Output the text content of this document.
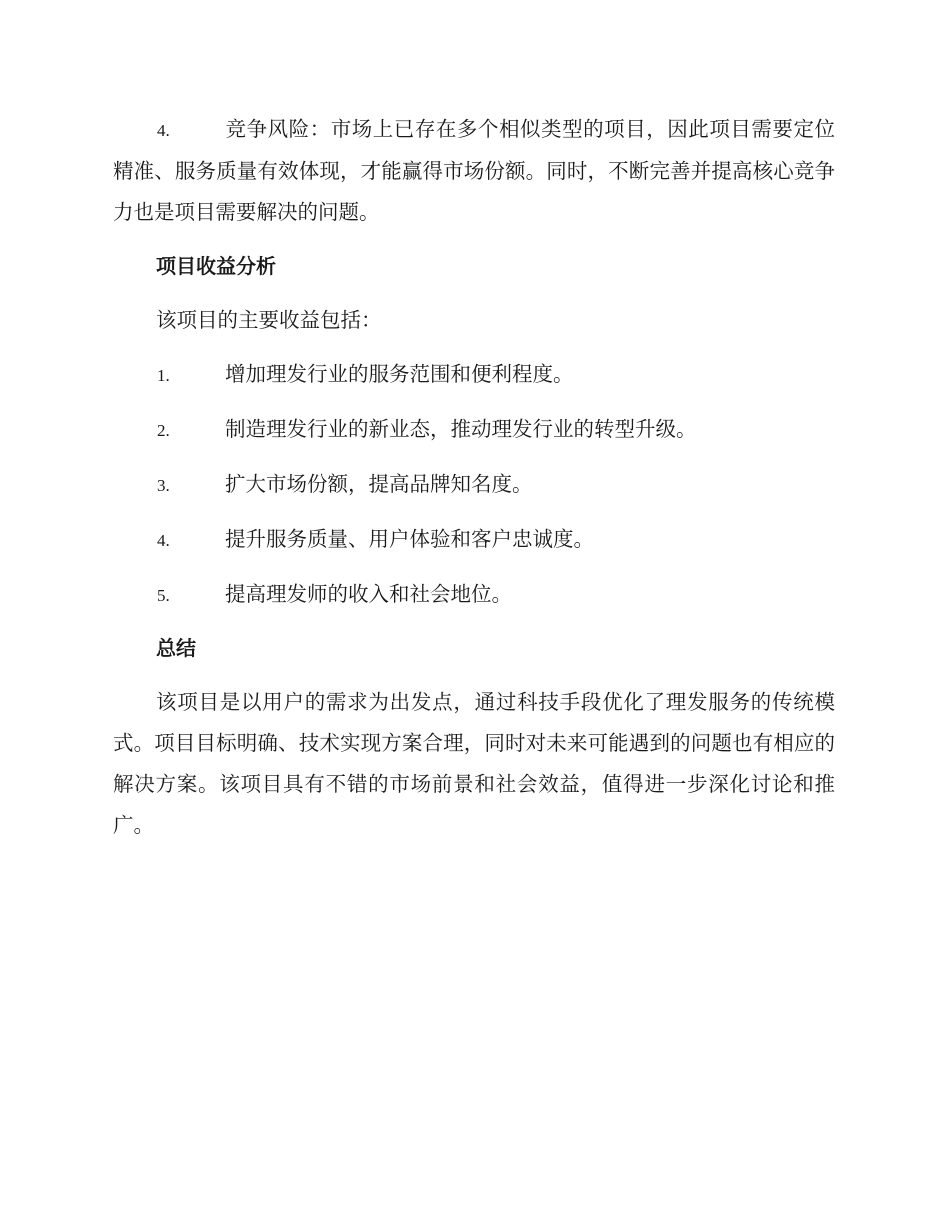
4.	竞争风险：市场上已存在多个相似类型的项目，因此项目需要定位精准、服务质量有效体现，才能赢得市场份额。同时，不断完善并提高核心竞争力也是项目需要解决的问题。

项目收益分析

该项目的主要收益包括：

1.	增加理发行业的服务范围和便利程度。
2.	制造理发行业的新业态，推动理发行业的转型升级。
3.	扩大市场份额，提高品牌知名度。
4.	提升服务质量、用户体验和客户忠诚度。
5.	提高理发师的收入和社会地位。
总结

该项目是以用户的需求为出发点，通过科技手段优化了理发服务的传统模式。项目目标明确、技术实现方案合理，同时对未来可能遇到的问题也有相应的解决方案。该项目具有不错的市场前景和社会效益，值得进一步深化讨论和推广。
